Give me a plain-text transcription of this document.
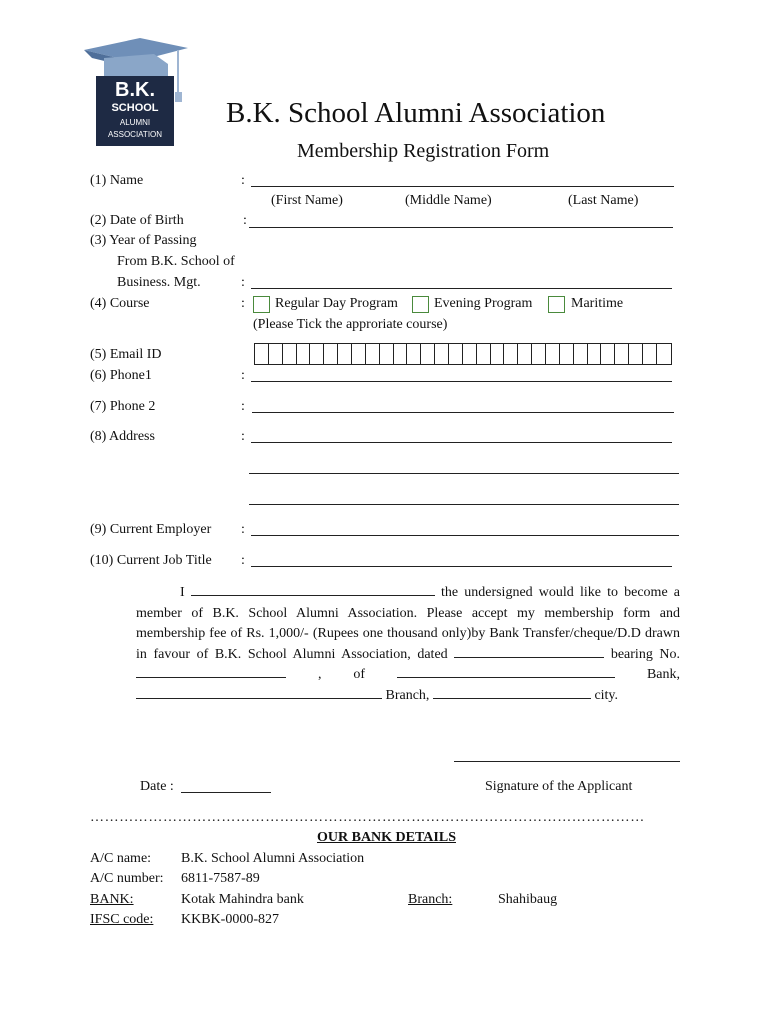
B.K.
SCHOOL
ALUMNI
ASSOCIATION
B.K. School Alumni Association
Membership Registration Form
(1) Name	:
(First Name)	(Middle Name)	(Last Name)
(2) Date of Birth	:
(3) Year of Passing
From B.K. School of
Business. Mgt.	:
(4) Course	: Regular Day Program	Evening Program	Maritime
(Please Tick the approriate course)
(5) Email ID
(6) Phone1	:
(7) Phone 2	:
(8) Address	:
(9) Current Employer :
(10) Current Job Title :
I	the undersigned would like to become a member of B.K. School Alumni Association. Please accept my membership form and membership fee of Rs. 1,000/- (Rupees one thousand only)by Bank Transfer/cheque/D.D drawn in favour of B.K. School Alumni Association, dated	bearing No.  , of	Bank,  Branch,	city.
Date :	Signature of the Applicant
……………………………………………………………………………………………………
OUR BANK DETAILS
A/C name: B.K. School Alumni Association
A/C number: 6811-7587-89
BANK:	Kotak Mahindra bank	Branch:	Shahibaug
IFSC code: KKBK-0000-827
